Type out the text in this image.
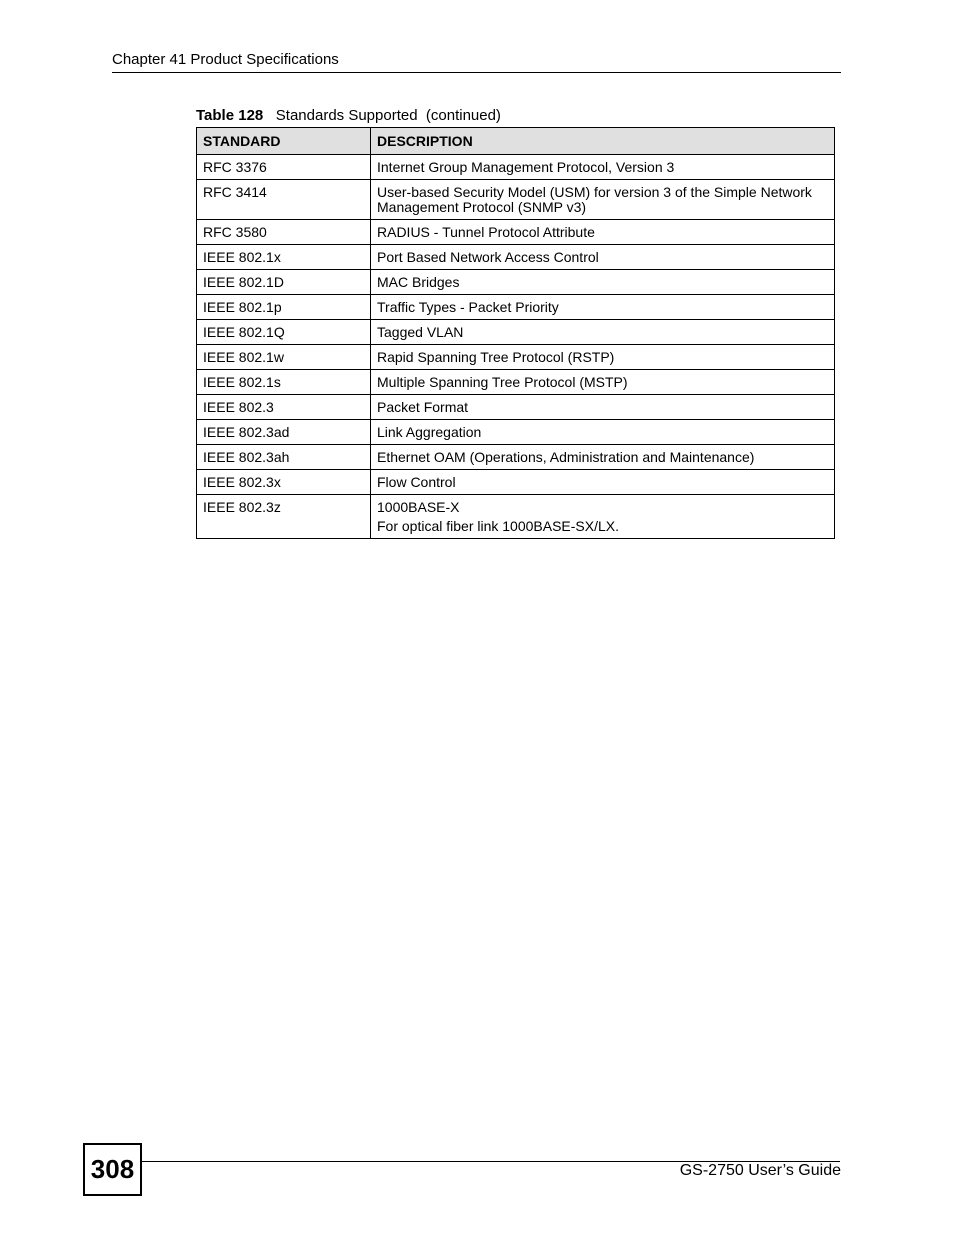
Chapter 41 Product Specifications
Table 128 Standards Supported  (continued)
STANDARD	DESCRIPTION
RFC 3376	Internet Group Management Protocol, Version 3
RFC 3414	User-based Security Model (USM) for version 3 of the Simple Network Management Protocol (SNMP v3)
RFC 3580	RADIUS - Tunnel Protocol Attribute
IEEE 802.1x	Port Based Network Access Control
IEEE 802.1D	MAC Bridges
IEEE 802.1p	Traffic Types - Packet Priority
IEEE 802.1Q	Tagged VLAN
IEEE 802.1w	Rapid Spanning Tree Protocol (RSTP)
IEEE 802.1s	Multiple Spanning Tree Protocol (MSTP)
IEEE 802.3	Packet Format
IEEE 802.3ad	Link Aggregation
IEEE 802.3ah	Ethernet OAM (Operations, Administration and Maintenance)
IEEE 802.3x	Flow Control
IEEE 802.3z	1000BASE-X
For optical fiber link 1000BASE-SX/LX.
308	GS-2750 User’s Guide
